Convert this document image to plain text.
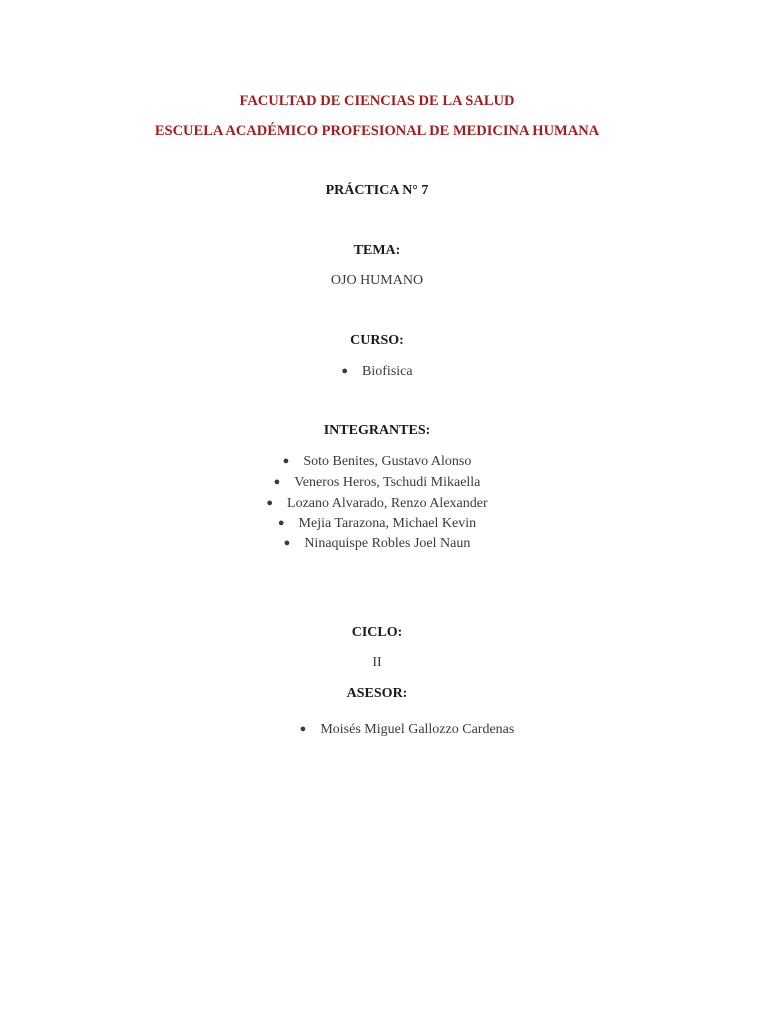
FACULTAD DE CIENCIAS DE LA SALUD
ESCUELA ACADÉMICO PROFESIONAL DE MEDICINA HUMANA
PRÁCTICA N° 7
TEMA:
OJO HUMANO
CURSO:
● Biofisica
INTEGRANTES:
● Soto Benites, Gustavo Alonso
● Veneros Heros, Tschudi Mikaella
● Lozano Alvarado, Renzo Alexander
● Mejia Tarazona, Michael Kevin
● Ninaquispe Robles Joel Naun
CICLO:
II
ASESOR:
● Moisés Miguel Gallozzo Cardenas
